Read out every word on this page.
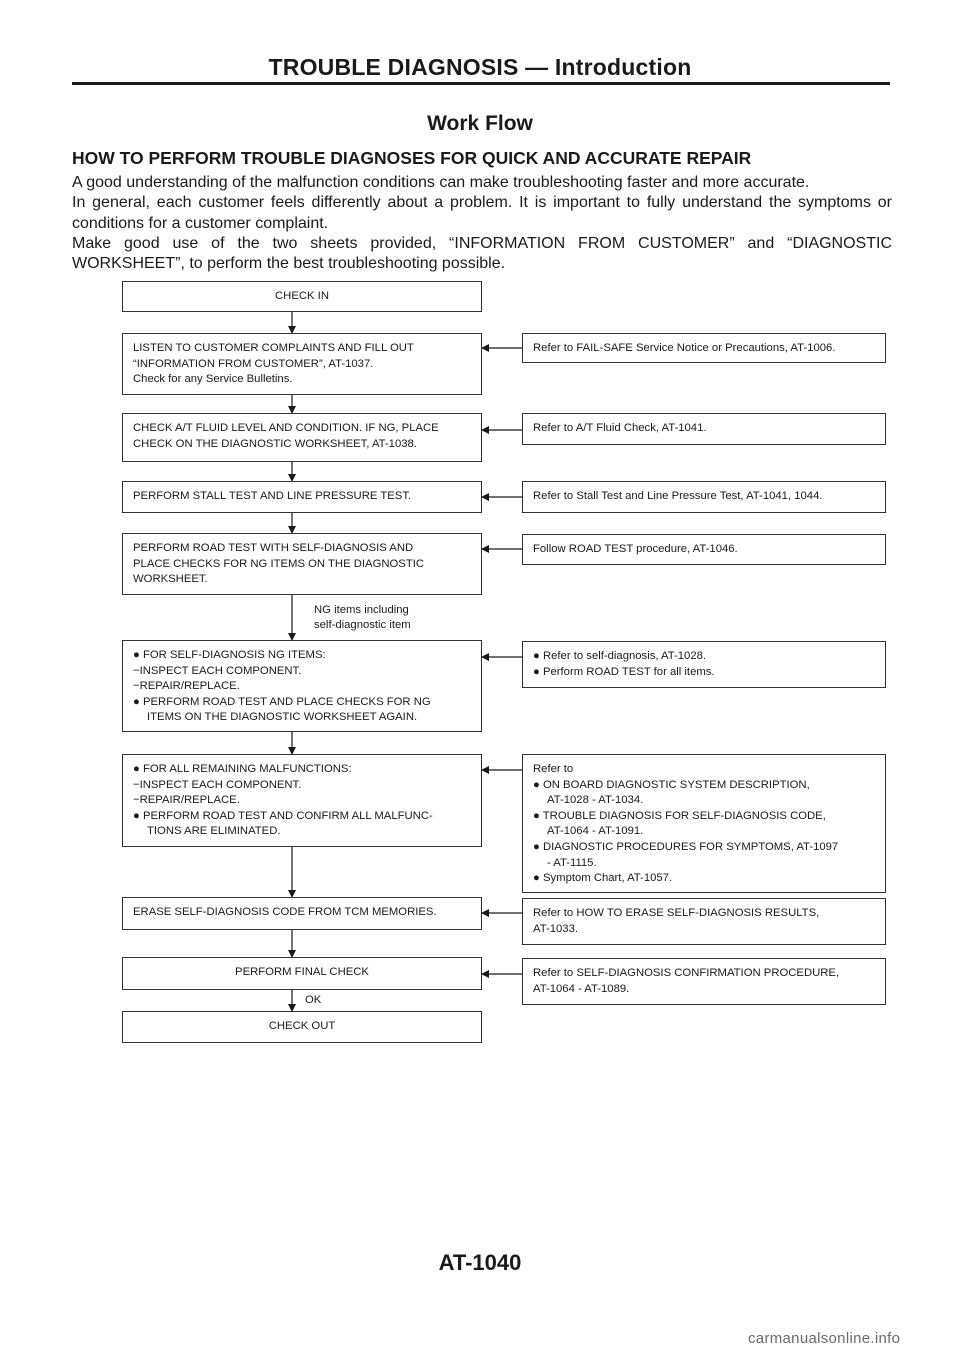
TROUBLE DIAGNOSIS — Introduction
Work Flow
HOW TO PERFORM TROUBLE DIAGNOSES FOR QUICK AND ACCURATE REPAIR

A good understanding of the malfunction conditions can make troubleshooting faster and more accurate.

In general, each customer feels differently about a problem. It is important to fully understand the symptoms or conditions for a customer complaint.

Make good use of the two sheets provided, “INFORMATION FROM CUSTOMER” and “DIAGNOSTIC WORKSHEET”, to perform the best troubleshooting possible.

CHECK IN
LISTEN TO CUSTOMER COMPLAINTS AND FILL OUT
“INFORMATION FROM CUSTOMER”, AT-1037.
Check for any Service Bulletins.
CHECK A/T FLUID LEVEL AND CONDITION. IF NG, PLACE
CHECK ON THE DIAGNOSTIC WORKSHEET, AT-1038.
PERFORM STALL TEST AND LINE PRESSURE TEST.
PERFORM ROAD TEST WITH SELF-DIAGNOSIS AND
PLACE CHECKS FOR NG ITEMS ON THE DIAGNOSTIC
WORKSHEET.
NG items including
self-diagnostic item
● FOR SELF-DIAGNOSIS NG ITEMS:
−INSPECT EACH COMPONENT.
−REPAIR/REPLACE.
● PERFORM ROAD TEST AND PLACE CHECKS FOR NG
ITEMS ON THE DIAGNOSTIC WORKSHEET AGAIN.
● FOR ALL REMAINING MALFUNCTIONS:
−INSPECT EACH COMPONENT.
−REPAIR/REPLACE.
● PERFORM ROAD TEST AND CONFIRM ALL MALFUNC-
TIONS ARE ELIMINATED.
ERASE SELF-DIAGNOSIS CODE FROM TCM MEMORIES.
PERFORM FINAL CHECK
OK
CHECK OUT
Refer to FAIL-SAFE Service Notice or Precautions, AT-1006.
Refer to A/T Fluid Check, AT-1041.
Refer to Stall Test and Line Pressure Test, AT-1041, 1044.
Follow ROAD TEST procedure, AT-1046.
● Refer to self-diagnosis, AT-1028.
● Perform ROAD TEST for all items.
Refer to
● ON BOARD DIAGNOSTIC SYSTEM DESCRIPTION,
AT-1028 - AT-1034.
● TROUBLE DIAGNOSIS FOR SELF-DIAGNOSIS CODE,
AT-1064 - AT-1091.
● DIAGNOSTIC PROCEDURES FOR SYMPTOMS, AT-1097
- AT-1115.
● Symptom Chart, AT-1057.
Refer to HOW TO ERASE SELF-DIAGNOSIS RESULTS,
AT-1033.
Refer to SELF-DIAGNOSIS CONFIRMATION PROCEDURE,
AT-1064 - AT-1089.
AT-1040
carmanualsonline.info
